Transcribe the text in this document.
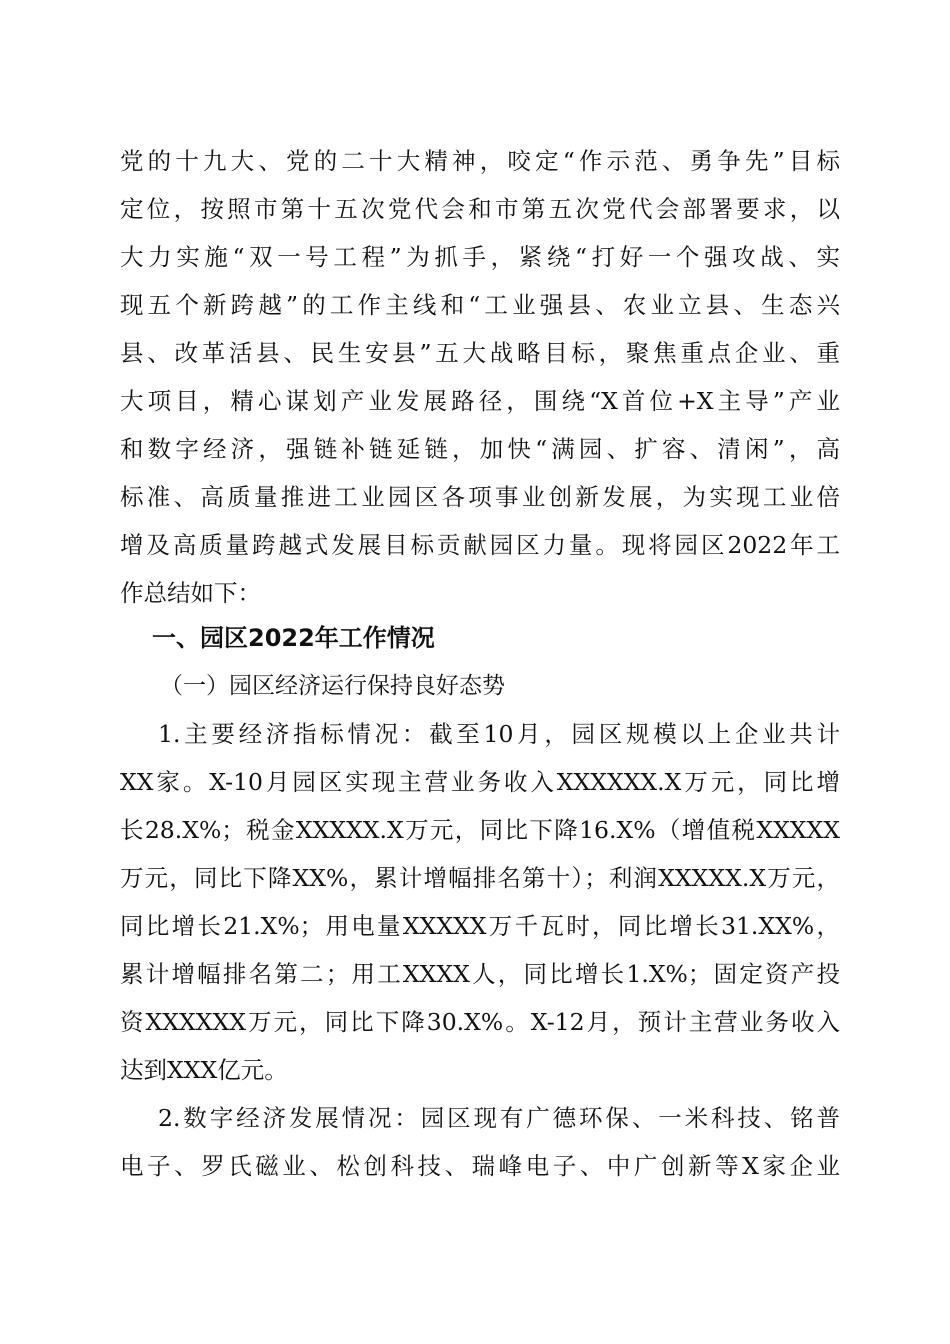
党的十九大、党的二十大精神，咬定“作示范、勇争先”目标
定位，按照市第十五次党代会和市第五次党代会部署要求，以
大力实施“双一号工程”为抓手，紧绕“打好一个强攻战、实
现五个新跨越”的工作主线和“工业强县、农业立县、生态兴
县、改革活县、民生安县”五大战略目标，聚焦重点企业、重
大项目，精心谋划产业发展路径，围绕“X首位+X主导”产业
和数字经济，强链补链延链，加快“满园、扩容、清闲”，高
标准、高质量推进工业园区各项事业创新发展，为实现工业倍
增及高质量跨越式发展目标贡献园区力量。现将园区2022年工
作总结如下：
一、园区2022年工作情况
（一）园区经济运行保持良好态势
1.主要经济指标情况：截至10月，园区规模以上企业共计
XX家。X-10月园区实现主营业务收入XXXXXX.X万元，同比增
长28.X%；税金XXXXX.X万元，同比下降16.X%（增值税XXXXX
万元，同比下降XX%，累计增幅排名第十）；利润XXXXX.X万元，
同比增长21.X%；用电量XXXXX万千瓦时，同比增长31.XX%，
累计增幅排名第二；用工XXXX人，同比增长1.X%；固定资产投
资XXXXXX万元，同比下降30.X%。X-12月，预计主营业务收入
达到XXX亿元。
2.数字经济发展情况：园区现有广德环保、一米科技、铭普
电子、罗氏磁业、松创科技、瑞峰电子、中广创新等X家企业
